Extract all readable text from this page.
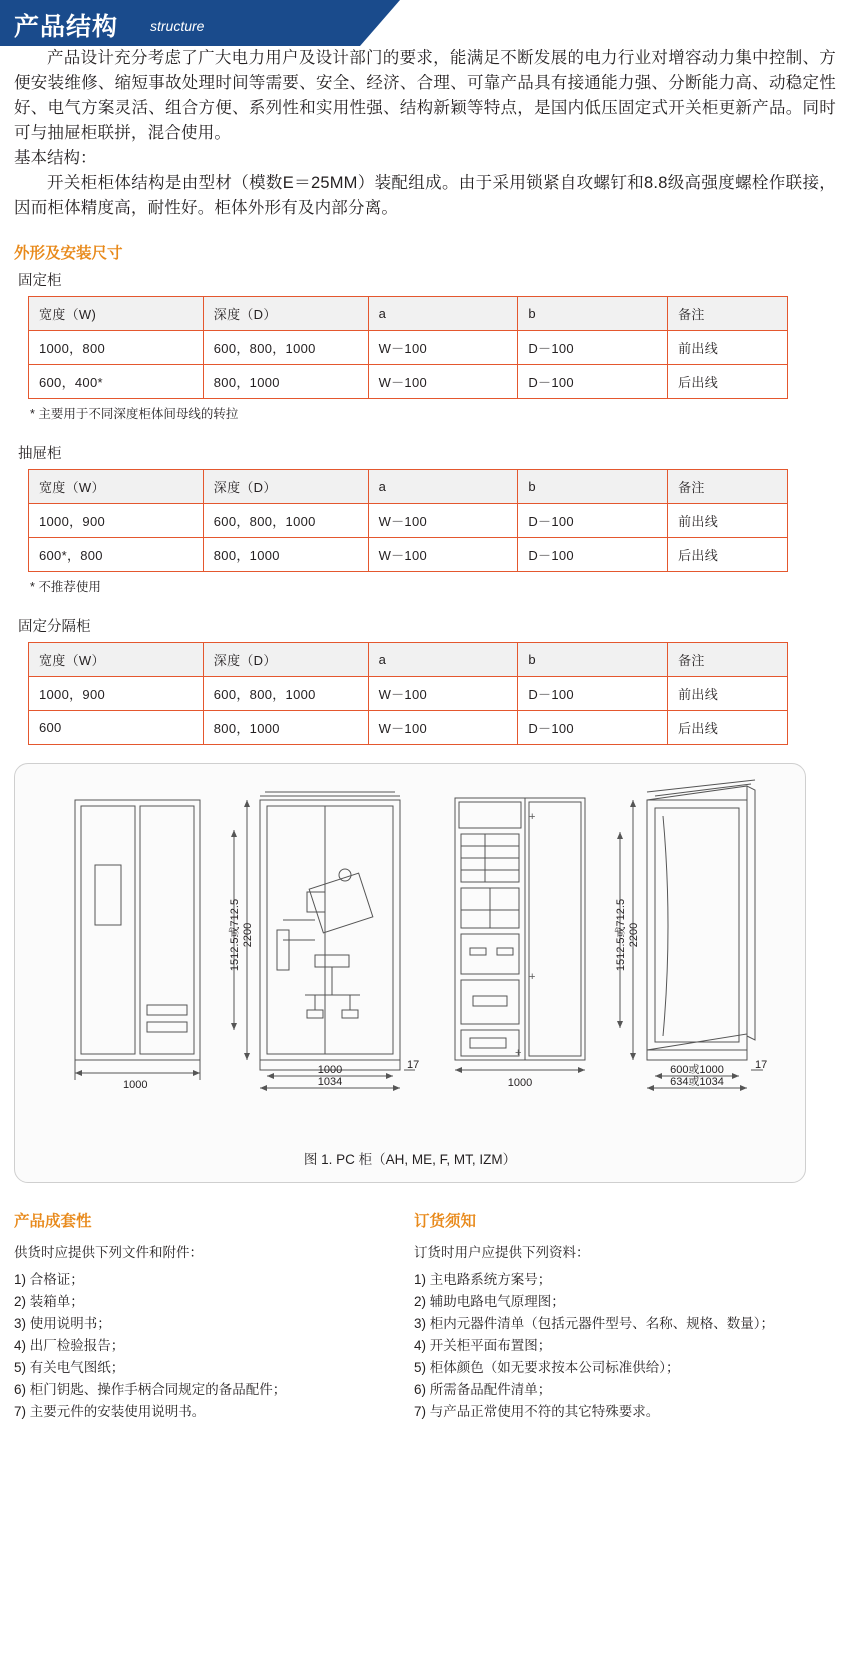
产品结构 structure

产品设计充分考虑了广大电力用户及设计部门的要求，能满足不断发展的电力行业对增容动力集中控制、方便安装维修、缩短事故处理时间等需要、安全、经济、合理、可靠产品具有接通能力强、分断能力高、动稳定性好、电气方案灵活、组合方便、系列性和实用性强、结构新颖等特点，是国内低压固定式开关柜更新产品。同时可与抽屉柜联拼，混合使用。

基本结构：

开关柜柜体结构是由型材（模数E＝25MM）装配组成。由于采用锁紧自攻螺钉和8.8级高强度螺栓作联接，因而柜体精度高，耐性好。柜体外形有及内部分离。

外形及安装尺寸
固定柜
宽度（W)	深度（D）	a	b	备注
1000，800	600，800，1000	W－100	D－100	前出线
600，400*	800，1000	W－100	D－100	后出线
* 主要用于不同深度柜体间母线的转拉
抽屉柜
宽度（W）	深度（D）	a	b	备注
1000，900	600，800，1000	W－100	D－100	前出线
600*，800	800，1000	W－100	D－100	后出线
* 不推荐使用
固定分隔柜
宽度（W）	深度（D）	a	b	备注
1000，900	600，800，1000	W－100	D－100	前出线
600	800，1000	W－100	D－100	后出线
+
+
+
1000
2200
1512.5或712.5
1000
1034
17
1000
2200
1512.5或712.5
600或1000
634或1034
17
图 1. PC 柜（AH, ME, F, MT, IZM）
产品成套性
供货时应提供下列文件和附件：
1) 合格证；
2) 装箱单；
3) 使用说明书；
4) 出厂检验报告；
5) 有关电气图纸；
6) 柜门钥匙、操作手柄合同规定的备品配件；
7) 主要元件的安装使用说明书。
订货须知
订货时用户应提供下列资料：
1) 主电路系统方案号；
2) 辅助电路电气原理图；
3) 柜内元器件清单（包括元器件型号、名称、规格、数量）；
4) 开关柜平面布置图；
5) 柜体颜色（如无要求按本公司标准供给）；
6) 所需备品配件清单；
7) 与产品正常使用不符的其它特殊要求。
